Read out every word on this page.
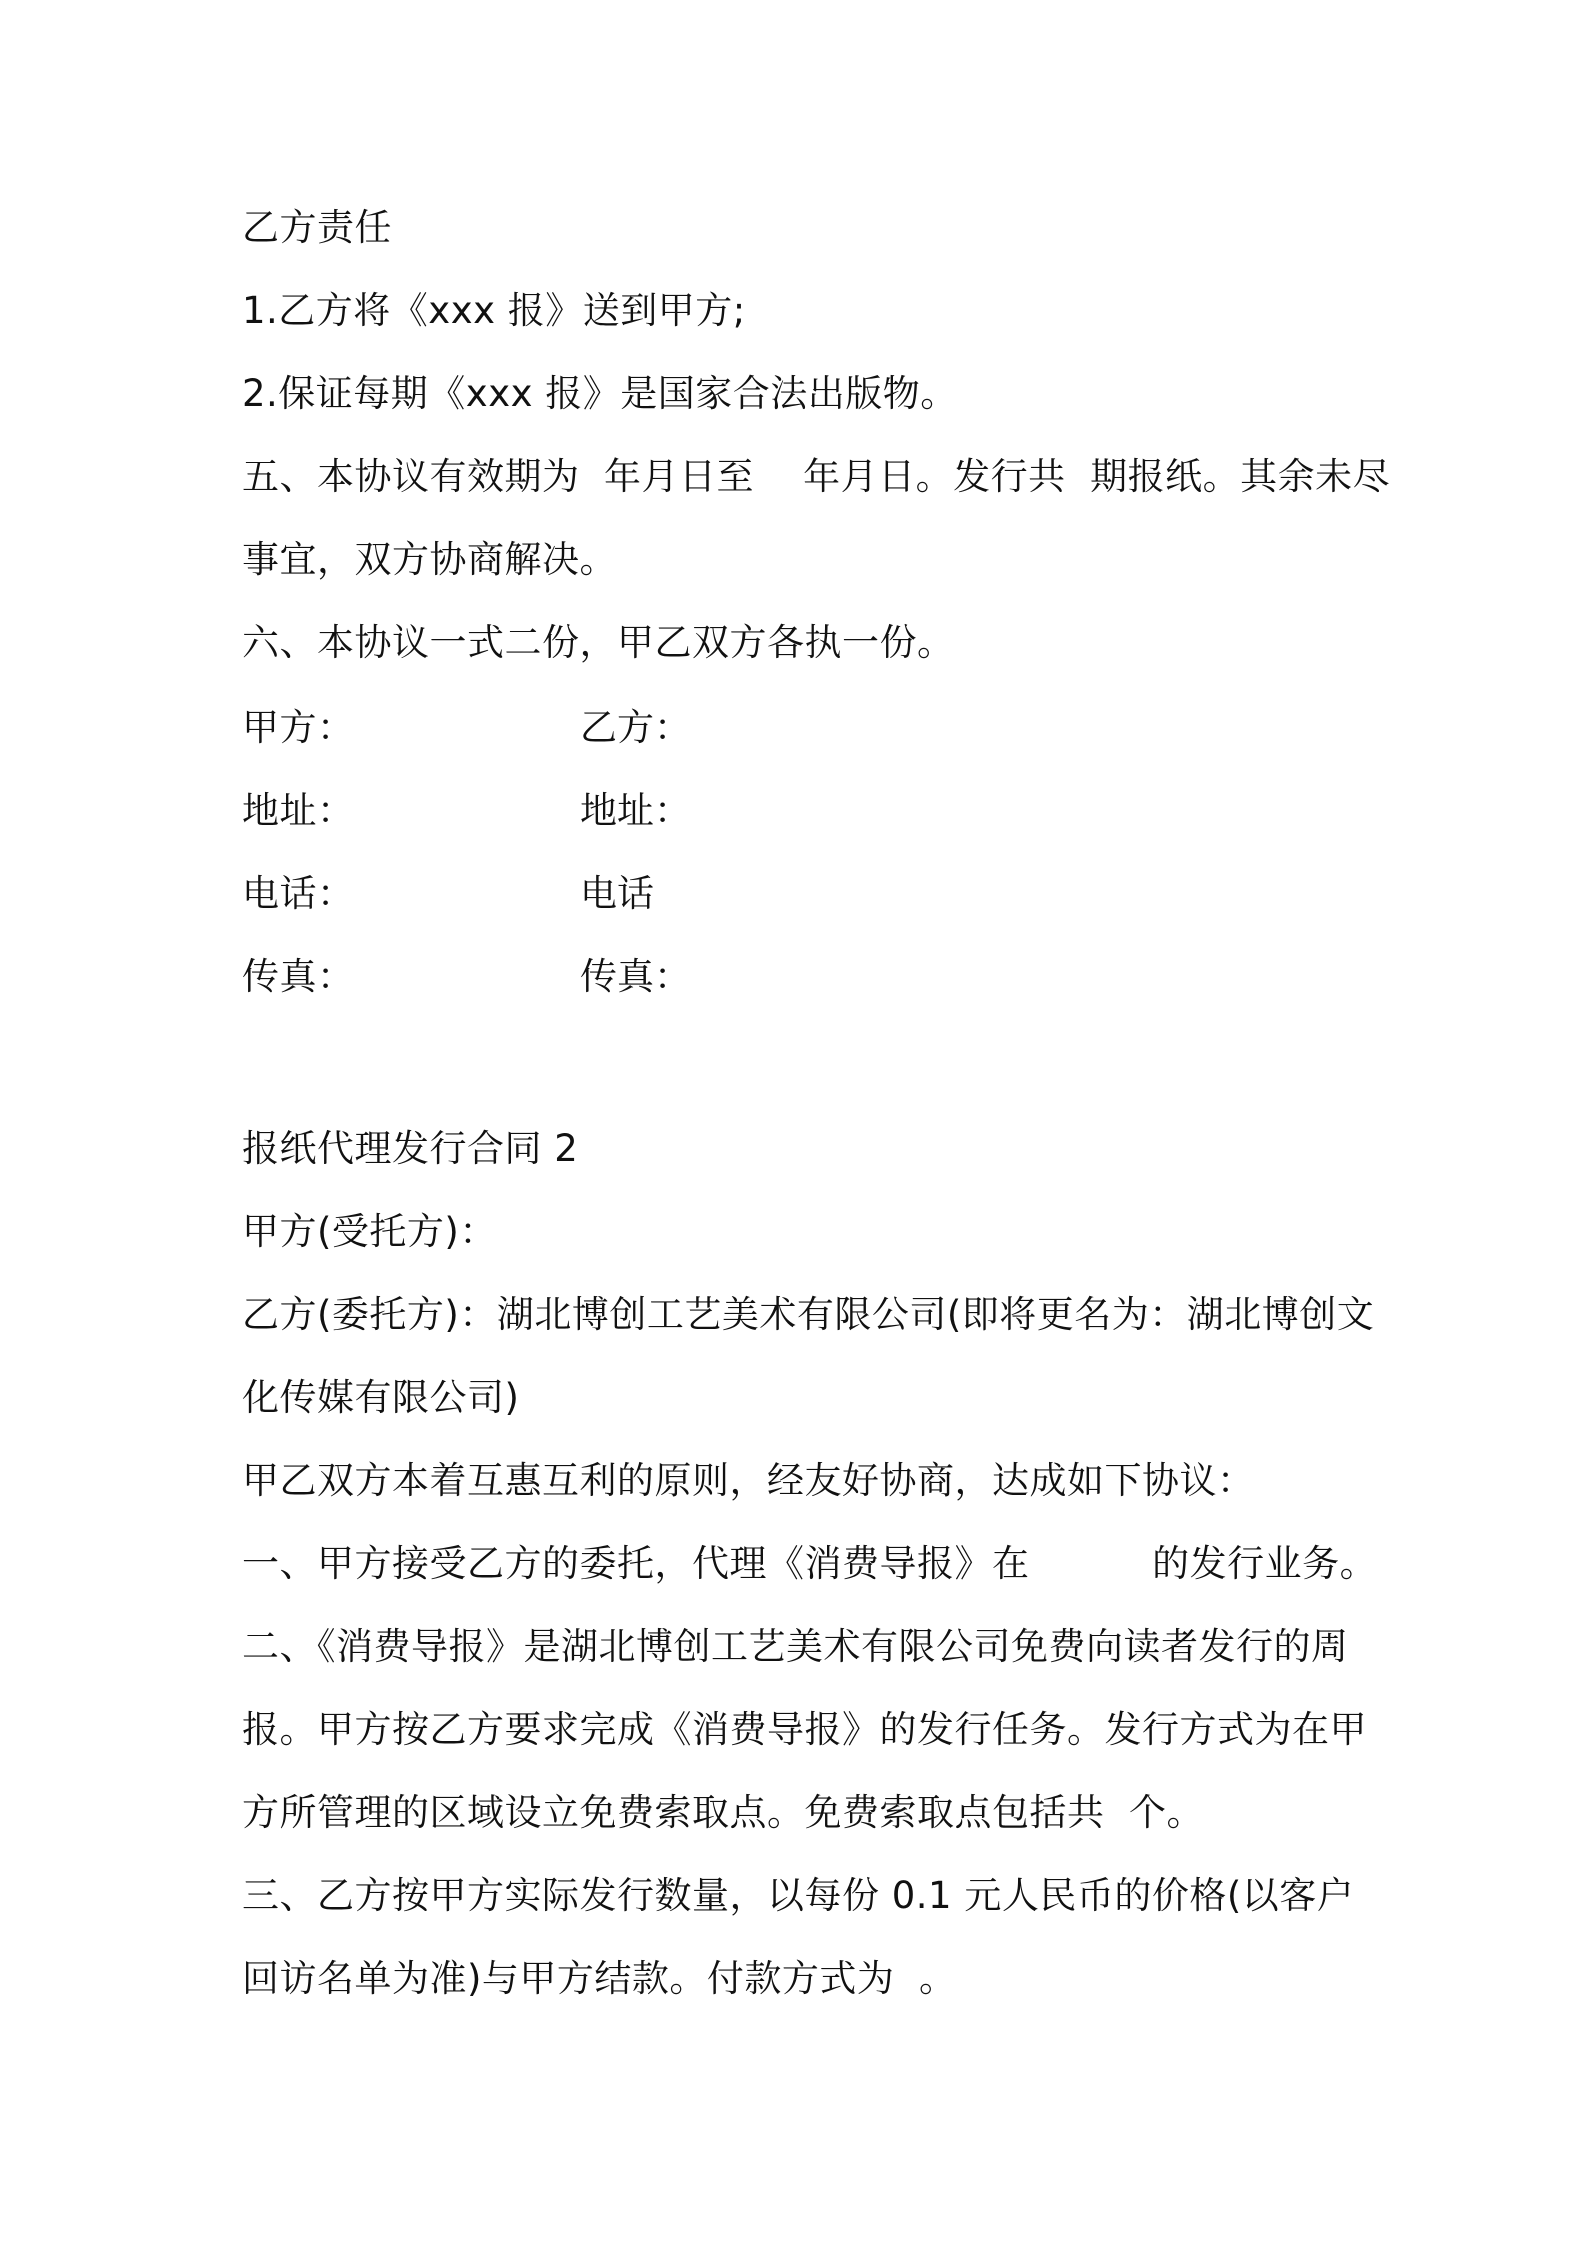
乙方责任
1.乙方将《xxx 报》送到甲方;
2.保证每期《xxx 报》是国家合法出版物。
五、本协议有效期为  年月日至    年月日。发行共  期报纸。其余未尽
事宜，双方协商解决。
六、本协议一式二份，甲乙双方各执一份。
甲方：	乙方：
地址：	地址：
电话：	电话
传真：	传真：
报纸代理发行合同 2
甲方(受托方)：
乙方(委托方)：湖北博创工艺美术有限公司(即将更名为：湖北博创文
化传媒有限公司)
甲乙双方本着互惠互利的原则，经友好协商，达成如下协议：
一、甲方接受乙方的委托，代理《消费导报》在          的发行业务。
二、《消费导报》是湖北博创工艺美术有限公司免费向读者发行的周
报。甲方按乙方要求完成《消费导报》的发行任务。发行方式为在甲
方所管理的区域设立免费索取点。免费索取点包括共  个。
三、乙方按甲方实际发行数量，以每份 0.1 元人民币的价格(以客户
回访名单为准)与甲方结款。付款方式为  。
